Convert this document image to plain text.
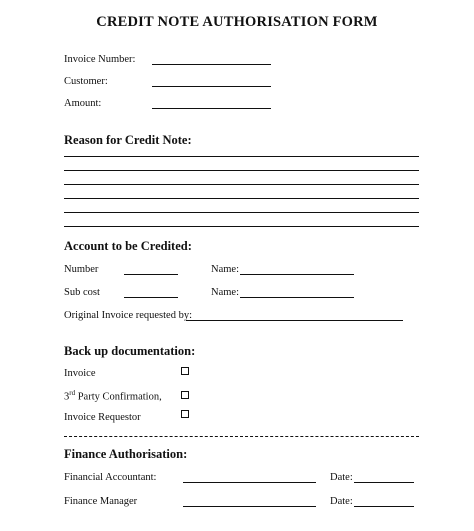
CREDIT NOTE AUTHORISATION FORM
Invoice Number:
Customer:
Amount:
Reason for Credit Note:
Account to be Credited:
Number	Name:
Sub cost	Name:
Original Invoice requested by:
Back up documentation:
Invoice
3rd Party Confirmation,
Invoice Requestor
Finance Authorisation:
Financial Accountant:	Date:
Finance Manager	Date:
